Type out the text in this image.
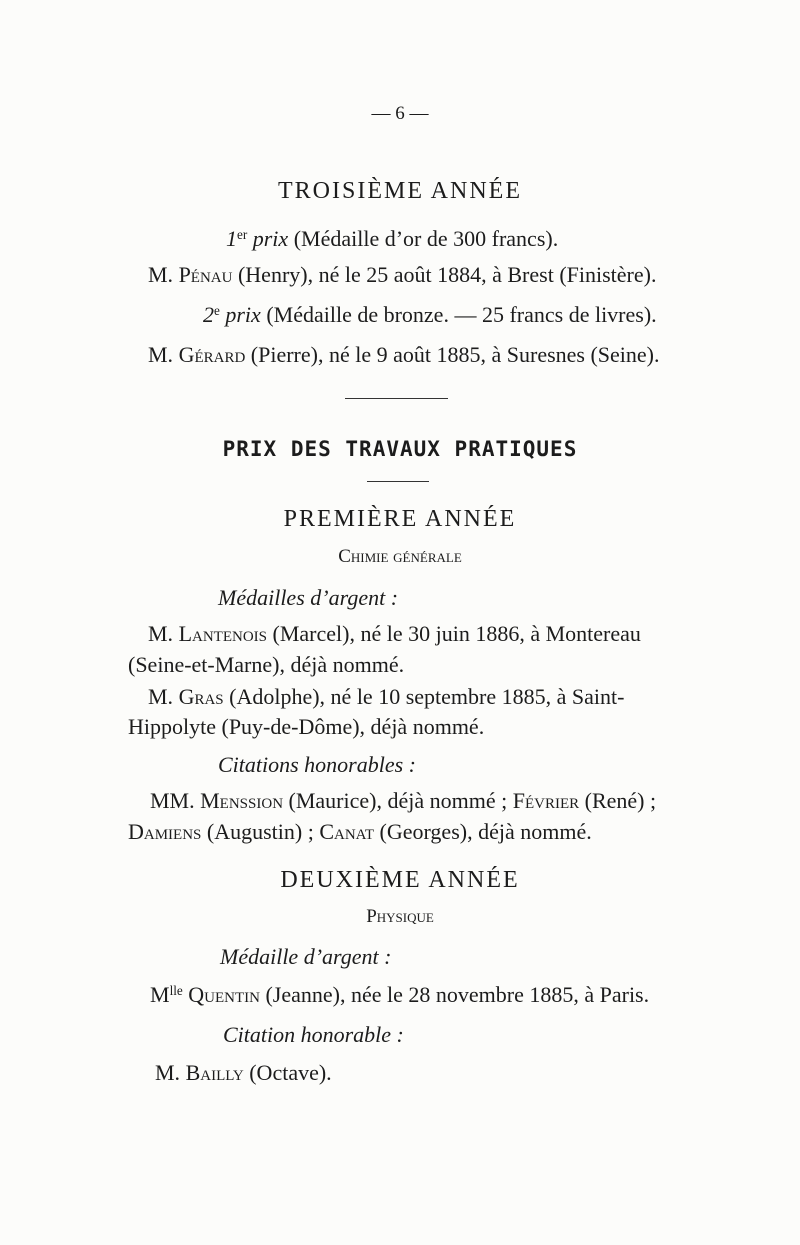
— 6 —
TROISIÈME ANNÉE
1er prix (Médaille d’or de 300 francs).
M. Pénau (Henry), né le 25 août 1884, à Brest (Finistère).
2e prix (Médaille de bronze. — 25 francs de livres).
M. Gérard (Pierre), né le 9 août 1885, à Suresnes (Seine).
PRIX DES TRAVAUX PRATIQUES
PREMIÈRE ANNÉE
Chimie générale
Médailles d’argent :
M. Lantenois (Marcel), né le 30 juin 1886, à Montereau
(Seine-et-Marne), déjà nommé.
M. Gras (Adolphe), né le 10 septembre 1885, à Saint-
Hippolyte (Puy-de-Dôme), déjà nommé.
Citations honorables :
MM. Menssion (Maurice), déjà nommé ; Février (René) ;
Damiens (Augustin) ; Canat (Georges), déjà nommé.
DEUXIÈME ANNÉE
Physique
Médaille d’argent :
$M^{lle}$ Quentin (Jeanne), née le 28 novembre 1885, à Paris.
Citation honorable :
M. Bailly (Octave).
